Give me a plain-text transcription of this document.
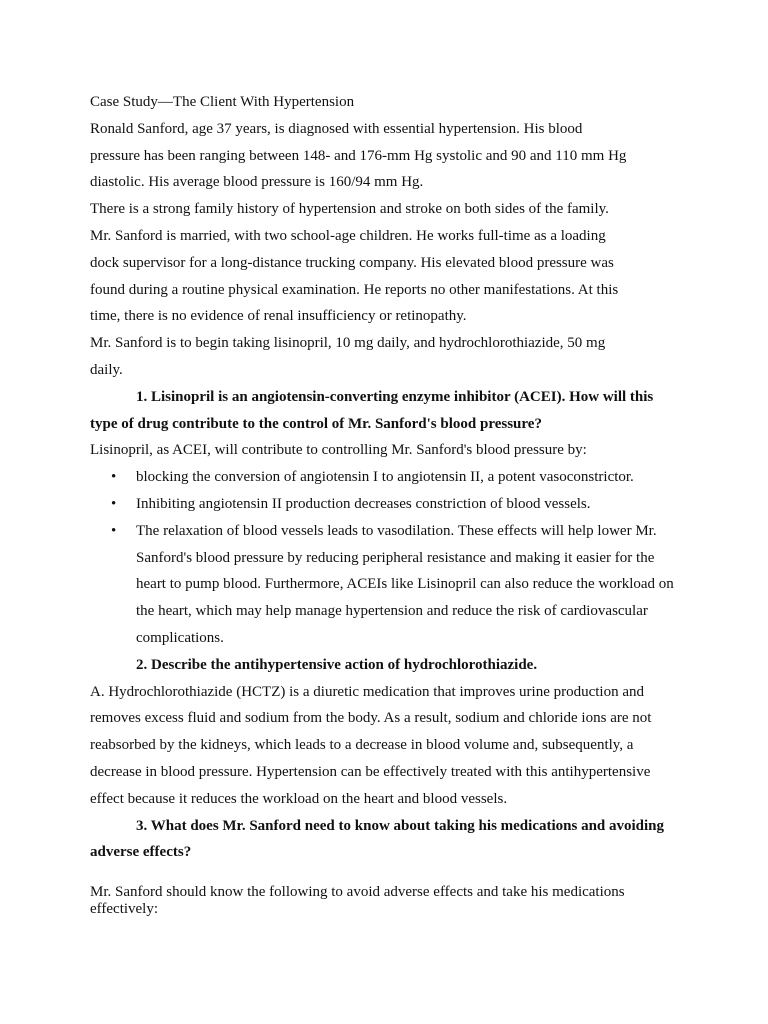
Case Study—The Client With Hypertension
Ronald Sanford, age 37 years, is diagnosed with essential hypertension. His blood
pressure has been ranging between 148- and 176-mm Hg systolic and 90 and 110 mm Hg
diastolic. His average blood pressure is 160/94 mm Hg.
There is a strong family history of hypertension and stroke on both sides of the family.
Mr. Sanford is married, with two school-age children. He works full-time as a loading
dock supervisor for a long-distance trucking company. His elevated blood pressure was
found during a routine physical examination. He reports no other manifestations. At this
time, there is no evidence of renal insufficiency or retinopathy.
Mr. Sanford is to begin taking lisinopril, 10 mg daily, and hydrochlorothiazide, 50 mg
daily.
1. Lisinopril is an angiotensin-converting enzyme inhibitor (ACEI). How will this
type of drug contribute to the control of Mr. Sanford's blood pressure?
Lisinopril, as ACEI, will contribute to controlling Mr. Sanford's blood pressure by:
• blocking the conversion of angiotensin I to angiotensin II, a potent vasoconstrictor.
• Inhibiting angiotensin II production decreases constriction of blood vessels.
• The relaxation of blood vessels leads to vasodilation. These effects will help lower Mr.
Sanford's blood pressure by reducing peripheral resistance and making it easier for the
heart to pump blood. Furthermore, ACEIs like Lisinopril can also reduce the workload on
the heart, which may help manage hypertension and reduce the risk of cardiovascular
complications.
2. Describe the antihypertensive action of hydrochlorothiazide.
A. Hydrochlorothiazide (HCTZ) is a diuretic medication that improves urine production and
removes excess fluid and sodium from the body. As a result, sodium and chloride ions are not
reabsorbed by the kidneys, which leads to a decrease in blood volume and, subsequently, a
decrease in blood pressure. Hypertension can be effectively treated with this antihypertensive
effect because it reduces the workload on the heart and blood vessels.
3. What does Mr. Sanford need to know about taking his medications and avoiding
adverse effects?
Mr. Sanford should know the following to avoid adverse effects and take his medications
effectively:
